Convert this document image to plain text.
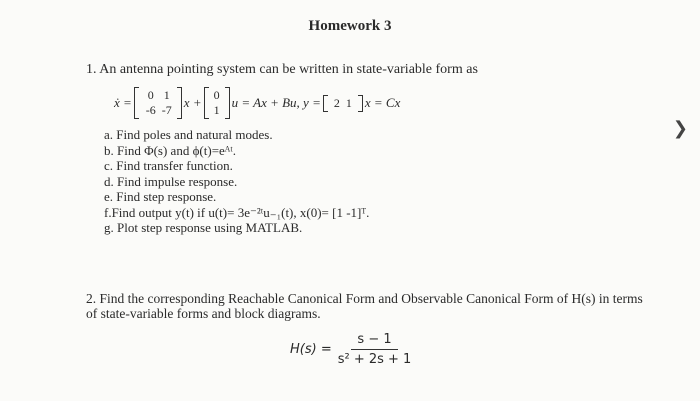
Homework 3
1. An antenna pointing system can be written in state-variable form as
ẋ =	0 1
-6 -7 x + 0
1 u = Ax + Bu, y = 2 1 x = Cx
a. Find poles and natural modes.
b. Find Φ(s) and ϕ(t)=eᴬᵗ.
c. Find transfer function.
d. Find impulse response.
e. Find step response.
f.Find output y(t) if u(t)= 3e⁻²ᵗu₋₁(t), x(0)= [1 -1]ᵀ.
g. Plot step response using MATLAB.
2. Find the corresponding Reachable Canonical Form and Observable Canonical Form of H(s) in terms of state-variable forms and block diagrams.
$H(s) = \frac{s - 1}{\text{s² + 2s + 1}}$
❯
